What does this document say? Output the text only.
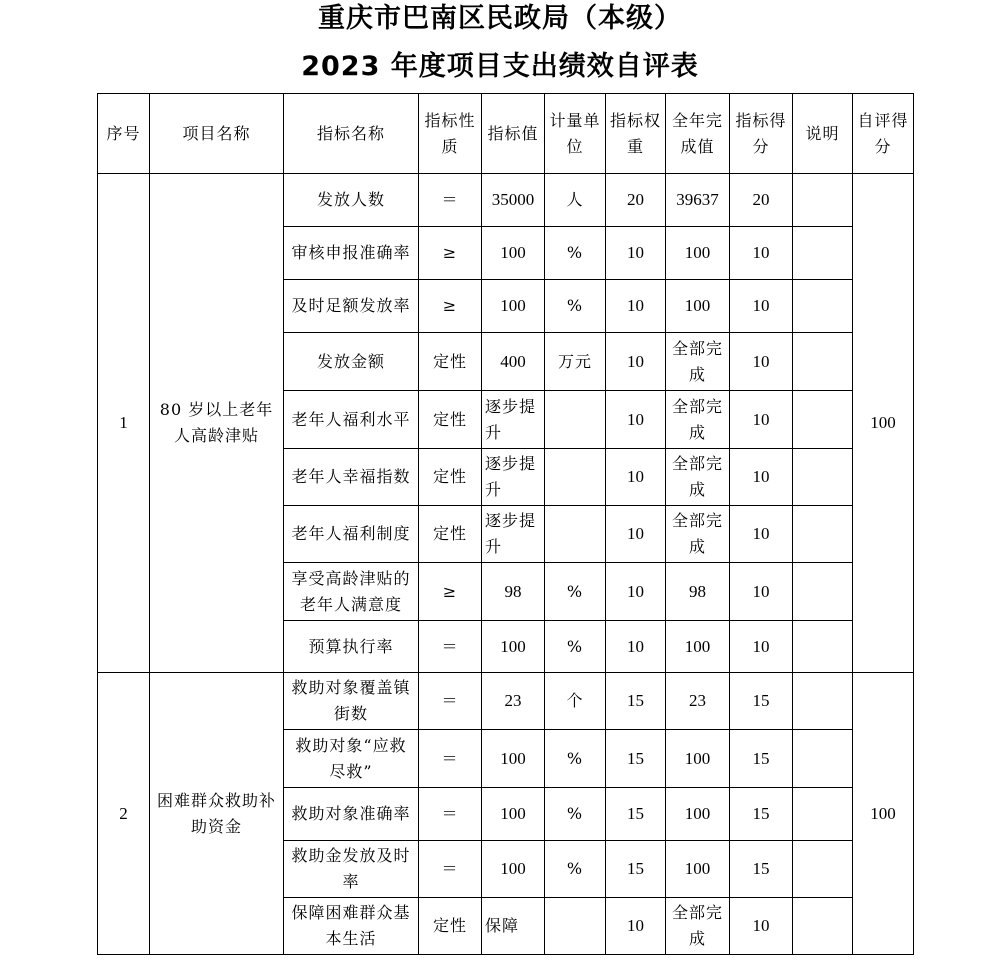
重庆市巴南区民政局（本级）
2023 年度项目支出绩效自评表
序号	项目名称	指标名称	指标性质	指标值	计量单位	指标权重	全年完成值	指标得分	说明	自评得分
1	80 岁以上老年人高龄津贴	发放人数	＝	35000	人	20	39637	20		100
		审核申报准确率	≥	100	%	10	100	10		
		及时足额发放率	≥	100	%	10	100	10		
		发放金额	定性	400	万元	10	全部完成	10		
		老年人福利水平	定性	逐步提升		10	全部完成	10		
		老年人幸福指数	定性	逐步提升		10	全部完成	10		
		老年人福利制度	定性	逐步提升		10	全部完成	10		
		享受高龄津贴的老年人满意度	≥	98	%	10	98	10		
		预算执行率	＝	100	%	10	100	10		
2	困难群众救助补助资金	救助对象覆盖镇街数	＝	23	个	15	23	15		100
		救助对象“应救尽救”	＝	100	%	15	100	15		
		救助对象准确率	＝	100	%	15	100	15		
		救助金发放及时率	＝	100	%	15	100	15		
		保障困难群众基本生活	定性	保障		10	全部完成	10		
